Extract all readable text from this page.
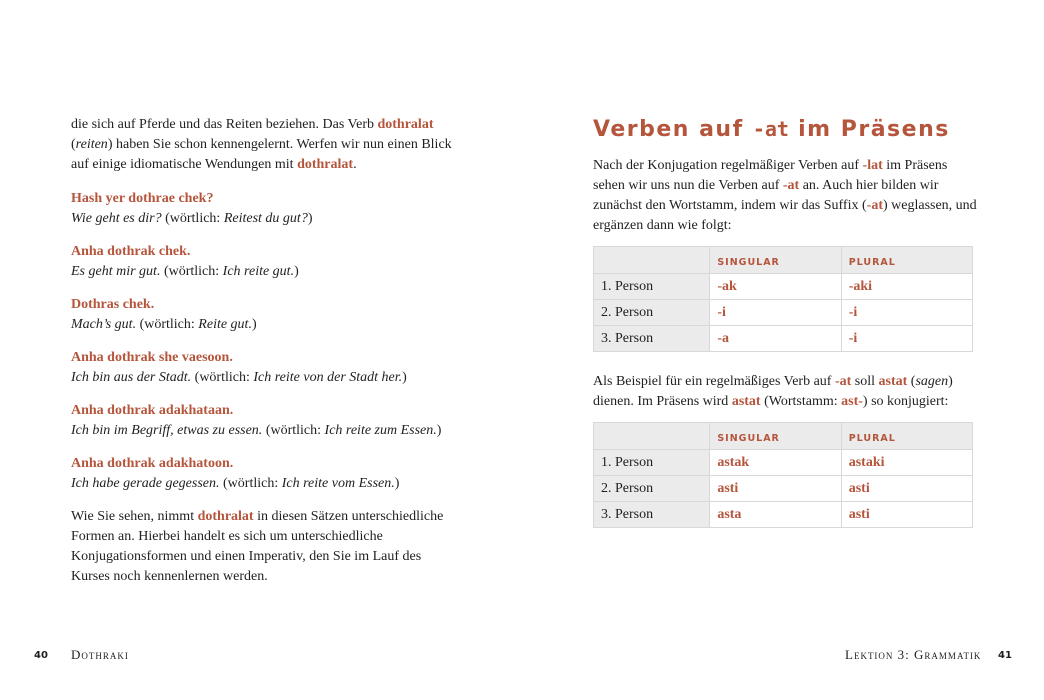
die sich auf Pferde und das Reiten beziehen. Das Verb dothralat
(reiten) haben Sie schon kennengelernt. Werfen wir nun einen Blick auf einige idiomatische Wendungen mit dothralat.

Hash yer dothrae chek?
Wie geht es dir? (wörtlich: Reitest du gut?)
Anha dothrak chek.
Es geht mir gut. (wörtlich: Ich reite gut.)
Dothras chek.
Mach’s gut. (wörtlich: Reite gut.)
Anha dothrak she vaesoon.
Ich bin aus der Stadt. (wörtlich: Ich reite von der Stadt her.)
Anha dothrak adakhataan.
Ich bin im Begriff, etwas zu essen. (wörtlich: Ich reite zum Essen.)
Anha dothrak adakhatoon.
Ich habe gerade gegessen. (wörtlich: Ich reite vom Essen.)

Wie Sie sehen, nimmt dothralat in diesen Sätzen unterschiedliche Formen an. Hierbei handelt es sich um unterschiedliche Konjugationsformen und einen Imperativ, den Sie im Lauf des Kurses noch kennenlernen werden.

Verben auf -at im Präsens

Nach der Konjugation regelmäßiger Verben auf -lat im Präsens sehen wir uns nun die Verben auf -at an. Auch hier bilden wir zunächst den Wortstamm, indem wir das Suffix (-at) weglassen, und ergänzen dann wie folgt:

	SINGULAR	PLURAL
1. Person	-ak	-aki
2. Person	-i	-i
3. Person	-a	-i

Als Beispiel für ein regelmäßiges Verb auf -at soll astat (sagen) dienen. Im Präsens wird astat (Wortstamm: ast-) so konjugiert:

	SINGULAR	PLURAL
1. Person	astak	astaki
2. Person	asti	asti
3. Person	asta	asti
40 Dothraki	Lektion 3: Grammatik 41
